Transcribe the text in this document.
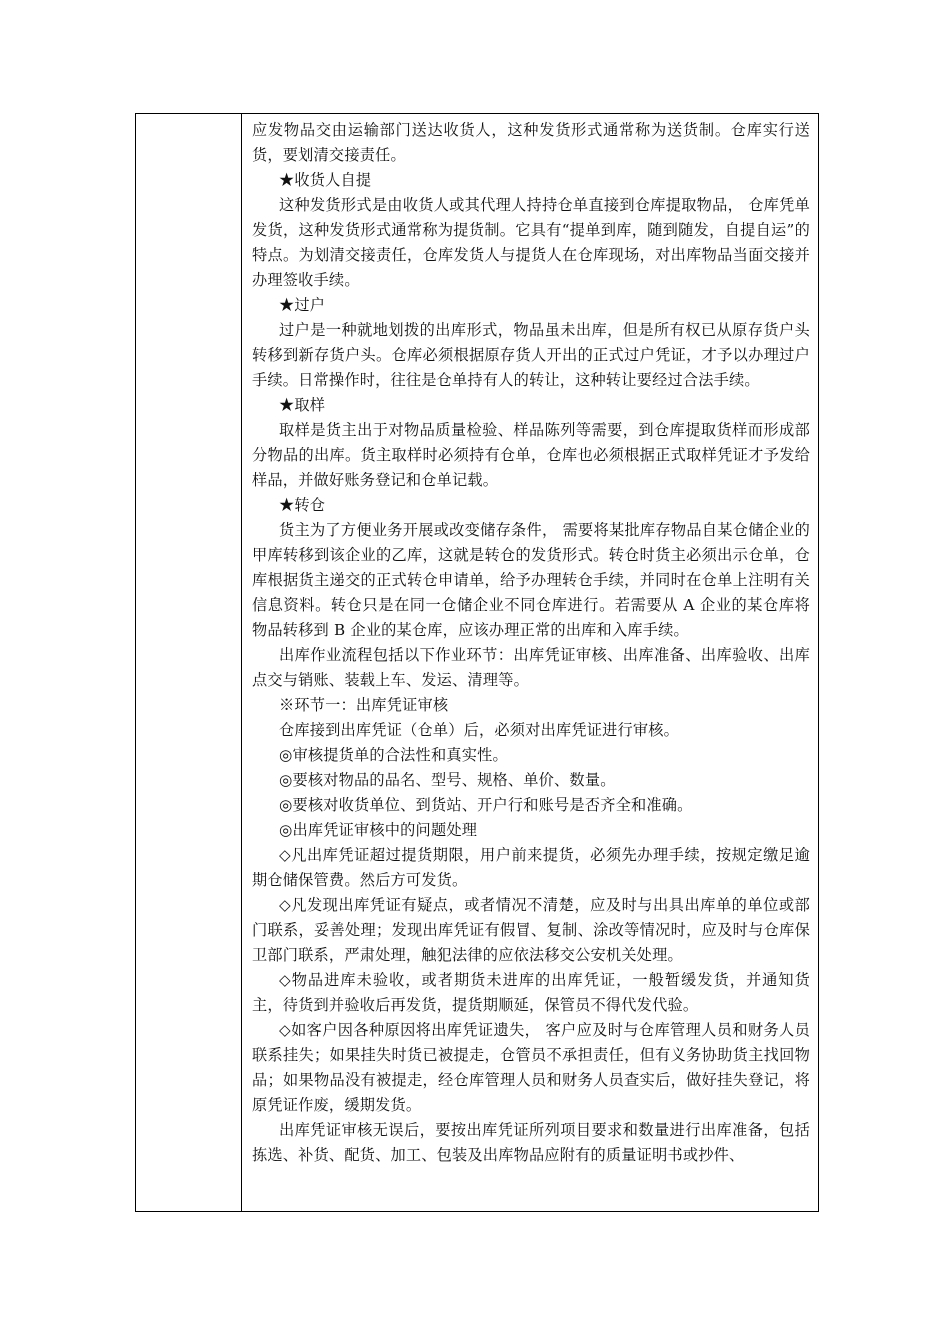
应发物品交由运输部门送达收货人，这种发货形式通常称为送货制。仓库实行送货，要划清交接责任。

★收货人自提

这种发货形式是由收货人或其代理人持持仓单直接到仓库提取物品， 仓库凭单发货，这种发货形式通常称为提货制。它具有“提单到库，随到随发，自提自运”的特点。为划清交接责任，仓库发货人与提货人在仓库现场，对出库物品当面交接并办理签收手续。

★过户

过户是一种就地划拨的出库形式，物品虽未出库，但是所有权已从原存货户头转移到新存货户头。仓库必须根据原存货人开出的正式过户凭证，才予以办理过户手续。日常操作时，往往是仓单持有人的转让，这种转让要经过合法手续。

★取样

取样是货主出于对物品质量检验、样品陈列等需要，到仓库提取货样而形成部分物品的出库。货主取样时必须持有仓单，仓库也必须根据正式取样凭证才予发给样品，并做好账务登记和仓单记载。

★转仓

货主为了方便业务开展或改变储存条件， 需要将某批库存物品自某仓储企业的甲库转移到该企业的乙库，这就是转仓的发货形式。转仓时货主必须出示仓单，仓库根据货主递交的正式转仓申请单，给予办理转仓手续，并同时在仓单上注明有关信息资料。转仓只是在同一仓储企业不同仓库进行。若需要从 A 企业的某仓库将物品转移到 B 企业的某仓库，应该办理正常的出库和入库手续。

出库作业流程包括以下作业环节：出库凭证审核、出库准备、出库验收、出库点交与销账、装载上车、发运、清理等。

※环节一：出库凭证审核

仓库接到出库凭证（仓单）后，必须对出库凭证进行审核。

◎审核提货单的合法性和真实性。

◎要核对物品的品名、型号、规格、单价、数量。

◎要核对收货单位、到货站、开户行和账号是否齐全和准确。

◎出库凭证审核中的问题处理

◇凡出库凭证超过提货期限，用户前来提货，必须先办理手续，按规定缴足逾期仓储保管费。然后方可发货。

◇凡发现出库凭证有疑点，或者情况不清楚，应及时与出具出库单的单位或部门联系，妥善处理；发现出库凭证有假冒、复制、涂改等情况时，应及时与仓库保卫部门联系，严肃处理，触犯法律的应依法移交公安机关处理。

◇物品进库未验收，或者期货未进库的出库凭证，一般暂缓发货，并通知货主，待货到并验收后再发货，提货期顺延，保管员不得代发代验。

◇如客户因各种原因将出库凭证遗失， 客户应及时与仓库管理人员和财务人员联系挂失；如果挂失时货已被提走，仓管员不承担责任，但有义务协助货主找回物品；如果物品没有被提走，经仓库管理人员和财务人员查实后，做好挂失登记，将原凭证作废，缓期发货。

出库凭证审核无误后，要按出库凭证所列项目要求和数量进行出库准备，包括拣选、补货、配货、加工、包装及出库物品应附有的质量证明书或抄件、
